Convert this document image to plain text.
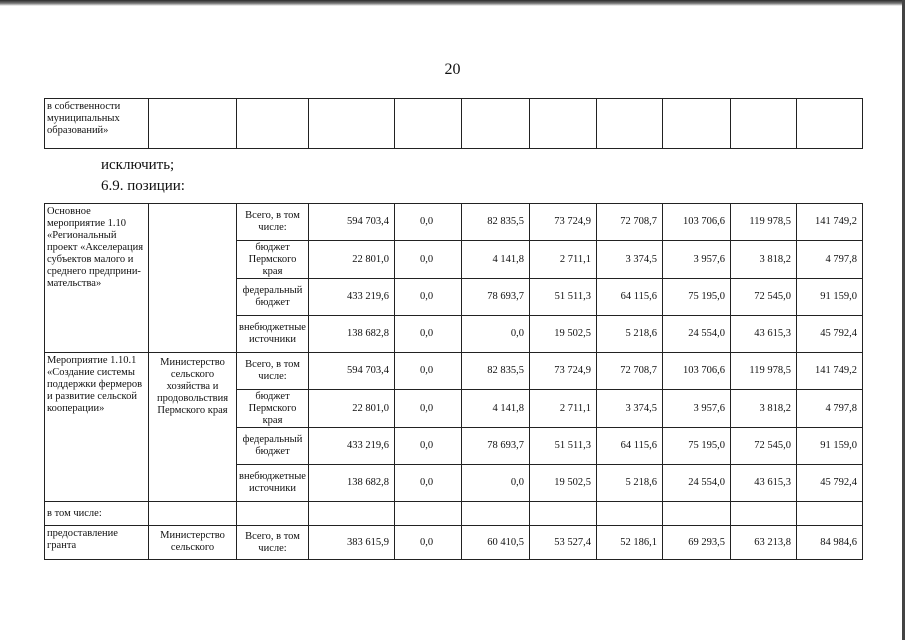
20
в собственности муниципальных образований»										
исключить;
6.9. позиции:
Основное мероприятие 1.10 «Региональный проект «Акселерация субъектов малого и среднего предприни-мательства»		Всего, в том числе:	594 703,4	0,0	82 835,5	73 724,9	72 708,7	103 706,6	119 978,5	141 749,2
		бюджет Пермского края	22 801,0	0,0	4 141,8	2 711,1	3 374,5	3 957,6	3 818,2	4 797,8
		федеральный бюджет	433 219,6	0,0	78 693,7	51 511,3	64 115,6	75 195,0	72 545,0	91 159,0
		внебюджетные источники	138 682,8	0,0	0,0	19 502,5	5 218,6	24 554,0	43 615,3	45 792,4
Мероприятие 1.10.1 «Создание системы поддержки фермеров и развитие сельской кооперации»	Министерство сельского хозяйства и продовольствия Пермского края	Всего, в том числе:	594 703,4	0,0	82 835,5	73 724,9	72 708,7	103 706,6	119 978,5	141 749,2
		бюджет Пермского края	22 801,0	0,0	4 141,8	2 711,1	3 374,5	3 957,6	3 818,2	4 797,8
		федеральный бюджет	433 219,6	0,0	78 693,7	51 511,3	64 115,6	75 195,0	72 545,0	91 159,0
		внебюджетные источники	138 682,8	0,0	0,0	19 502,5	5 218,6	24 554,0	43 615,3	45 792,4
в том числе:										
предоставление гранта	Министерство сельского	Всего, в том числе:	383 615,9	0,0	60 410,5	53 527,4	52 186,1	69 293,5	63 213,8	84 984,6
